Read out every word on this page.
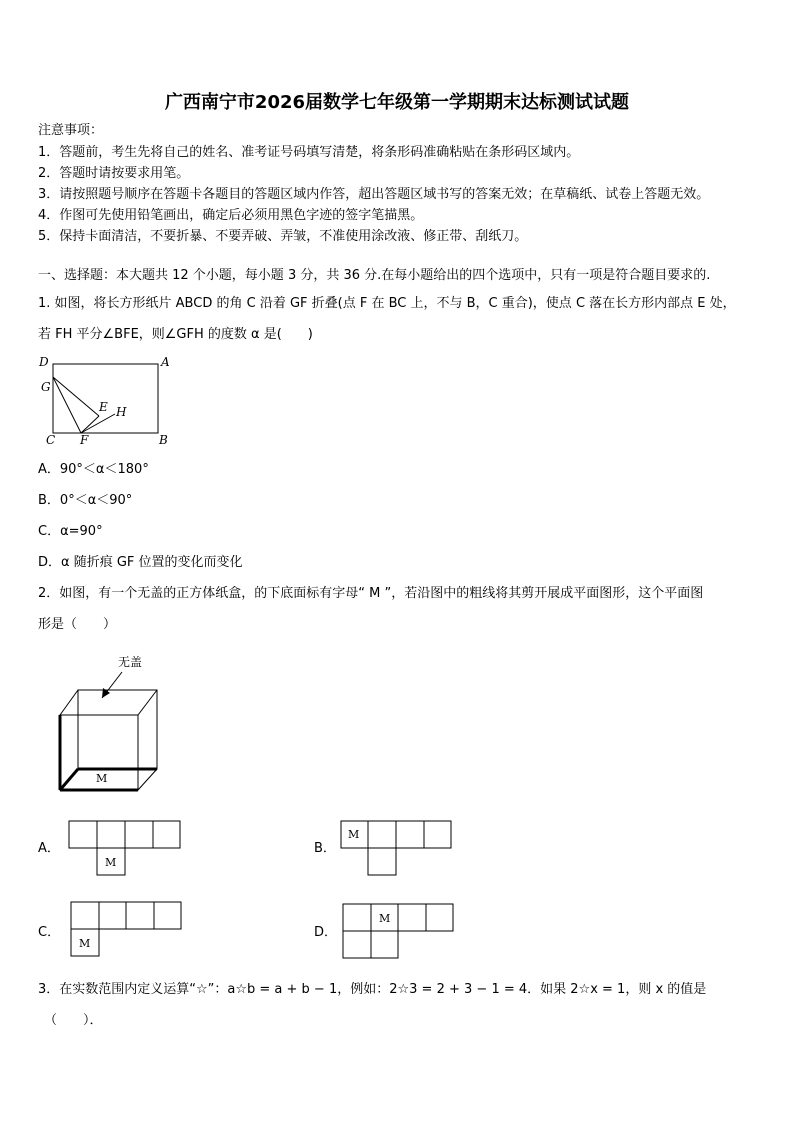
广西南宁市2026届数学七年级第一学期期末达标测试试题
注意事项：
1．答题前，考生先将自己的姓名、准考证号码填写清楚，将条形码准确粘贴在条形码区域内。
2．答题时请按要求用笔。
3．请按照题号顺序在答题卡各题目的答题区域内作答，超出答题区域书写的答案无效；在草稿纸、试卷上答题无效。
4．作图可先使用铅笔画出，确定后必须用黑色字迹的签字笔描黑。
5．保持卡面清洁，不要折暴、不要弄破、弄皱，不准使用涂改液、修正带、刮纸刀。
一、选择题：本大题共 12 个小题，每小题 3 分，共 36 分.在每小题给出的四个选项中，只有一项是符合题目要求的.
1. 如图，将长方形纸片 ABCD 的角 C 沿着 GF 折叠(点 F 在 BC 上，不与 B，C 重合)，使点 C 落在长方形内部点 E 处，
若 FH 平分∠BFE，则∠GFH 的度数 α 是(　　)
D	A
G
E H
C F	B
A．90°＜α＜180°
B．0°＜α＜90°
C．α=90°
D．α 随折痕 GF 位置的变化而变化
2．如图，有一个无盖的正方体纸盒，的下底面标有字母“ M ”，若沿图中的粗线将其剪开展成平面图形，这个平面图
形是（　　）
无盖
M
A．
M
B．
M
C．
M
D．
M
3．在实数范围内定义运算“☆”：a☆b = a + b − 1，例如：2☆3 = 2 + 3 − 1 = 4．如果 2☆x = 1，则 x 的值是
（　　）．
